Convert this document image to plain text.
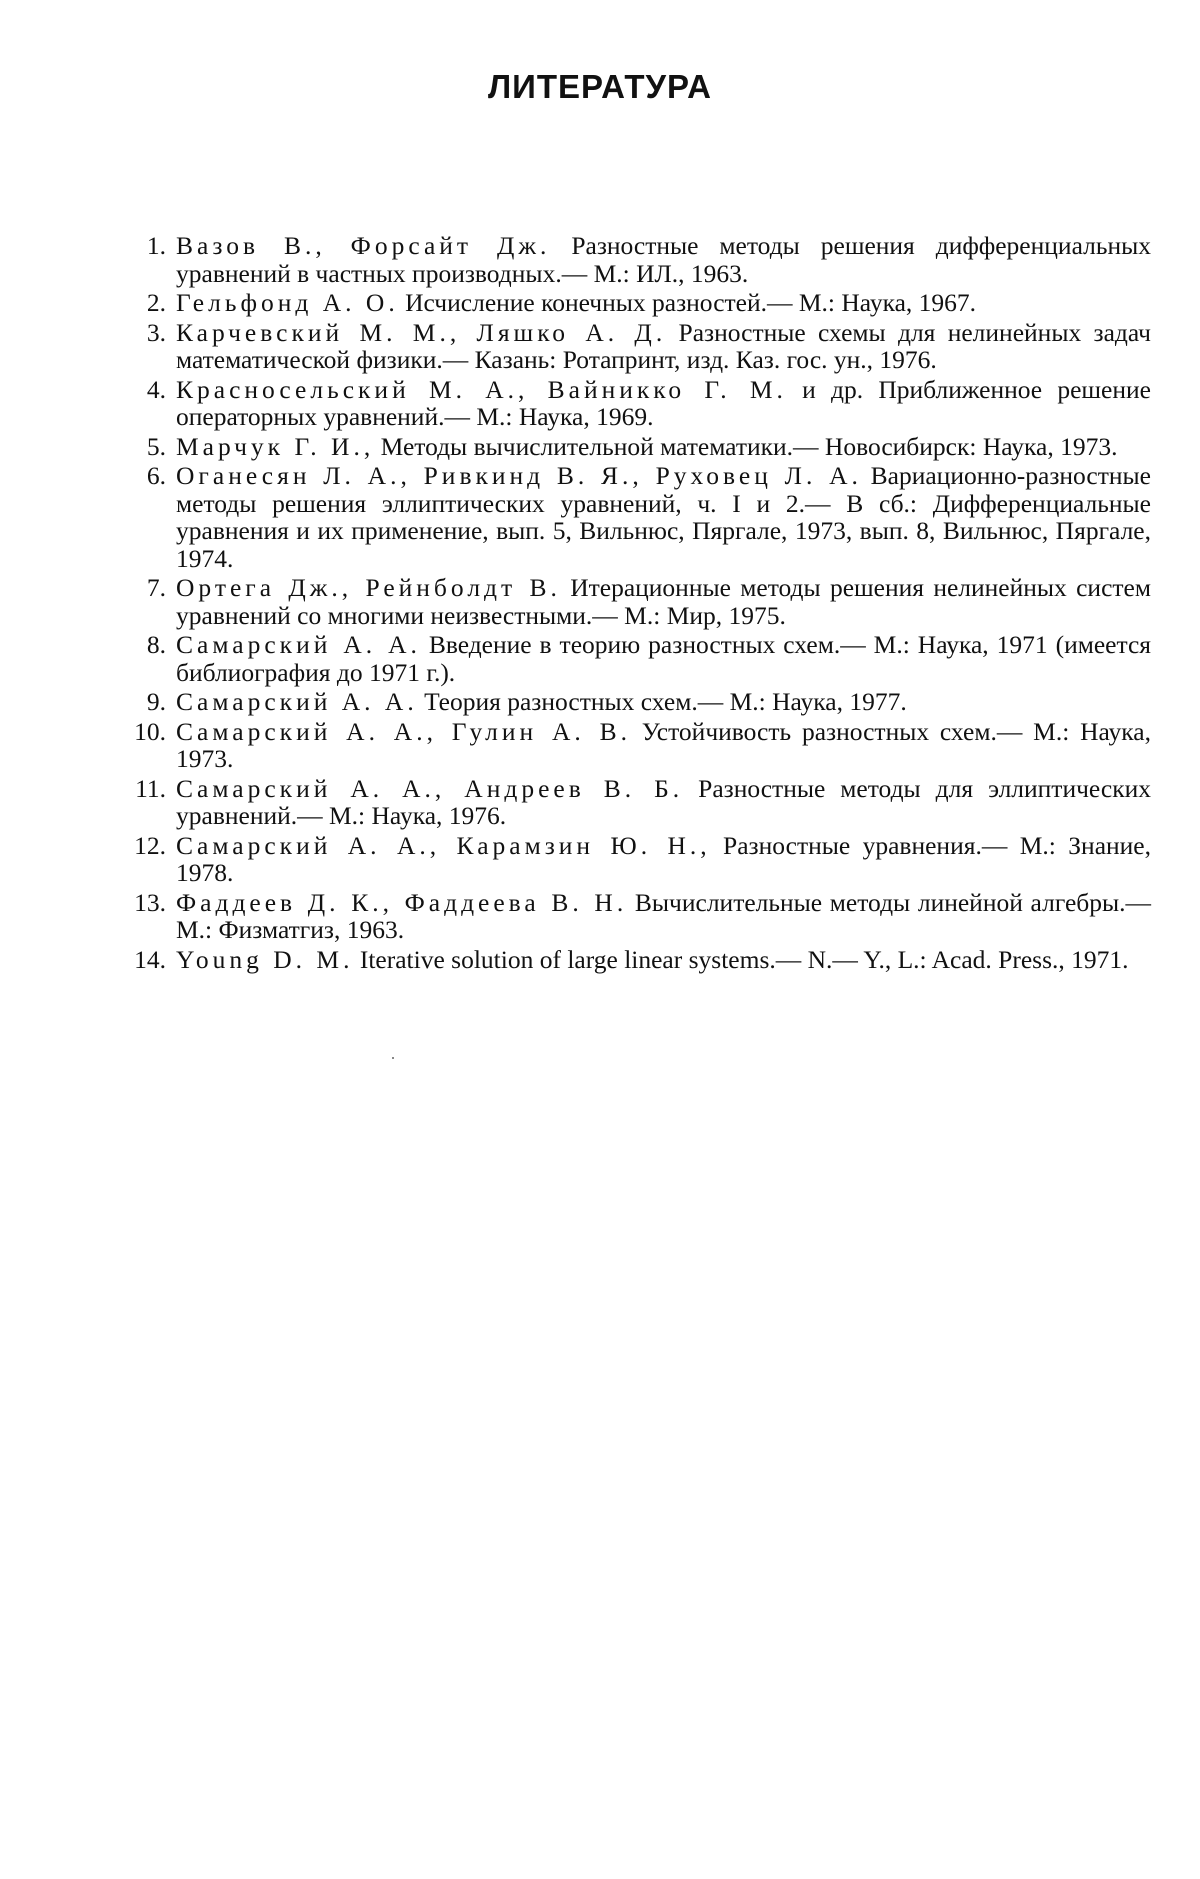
ЛИТЕРАТУРА
1. Вазов В., Форсайт Дж. Разностные методы решения дифференциальных уравнений в частных производных.— М.: ИЛ., 1963.
2. Гельфонд А. О. Исчисление конечных разностей.— М.: Наука, 1967.
3. Карчевский М. М., Ляшко А. Д. Разностные схемы для нелинейных задач математической физики.— Казань: Ротапринт, изд. Каз. гос. ун., 1976.
4. Красносельский М. А., Вайникко Г. М. и др. Приближенное решение операторных уравнений.— М.: Наука, 1969.
5. Марчук Г. И., Методы вычислительной математики.— Новосибирск: Наука, 1973.
6. Оганесян Л. А., Ривкинд В. Я., Руховец Л. А. Вариационно-разностные методы решения эллиптических уравнений, ч. I и 2.— В сб.: Дифференциальные уравнения и их применение, вып. 5, Вильнюс, Пяргале, 1973, вып. 8, Вильнюс, Пяргале, 1974.
7. Ортега Дж., Рейнболдт В. Итерационные методы решения нелинейных систем уравнений со многими неизвестными.— М.: Мир, 1975.
8. Самарский А. А. Введение в теорию разностных схем.— М.: Наука, 1971 (имеется библиография до 1971 г.).
9. Самарский А. А. Теория разностных схем.— М.: Наука, 1977.
10. Самарский А. А., Гулин А. В. Устойчивость разностных схем.— М.: Наука, 1973.
11. Самарский А. А., Андреев В. Б. Разностные методы для эллиптических уравнений.— М.: Наука, 1976.
12. Самарский А. А., Карамзин Ю. Н., Разностные уравнения.— М.: Знание, 1978.
13. Фаддеев Д. К., Фаддеева В. Н. Вычислительные методы линейной алгебры.— М.: Физматгиз, 1963.
14. Young D. M. Iterative solution of large linear systems.— N.— Y., L.: Acad. Press., 1971.
